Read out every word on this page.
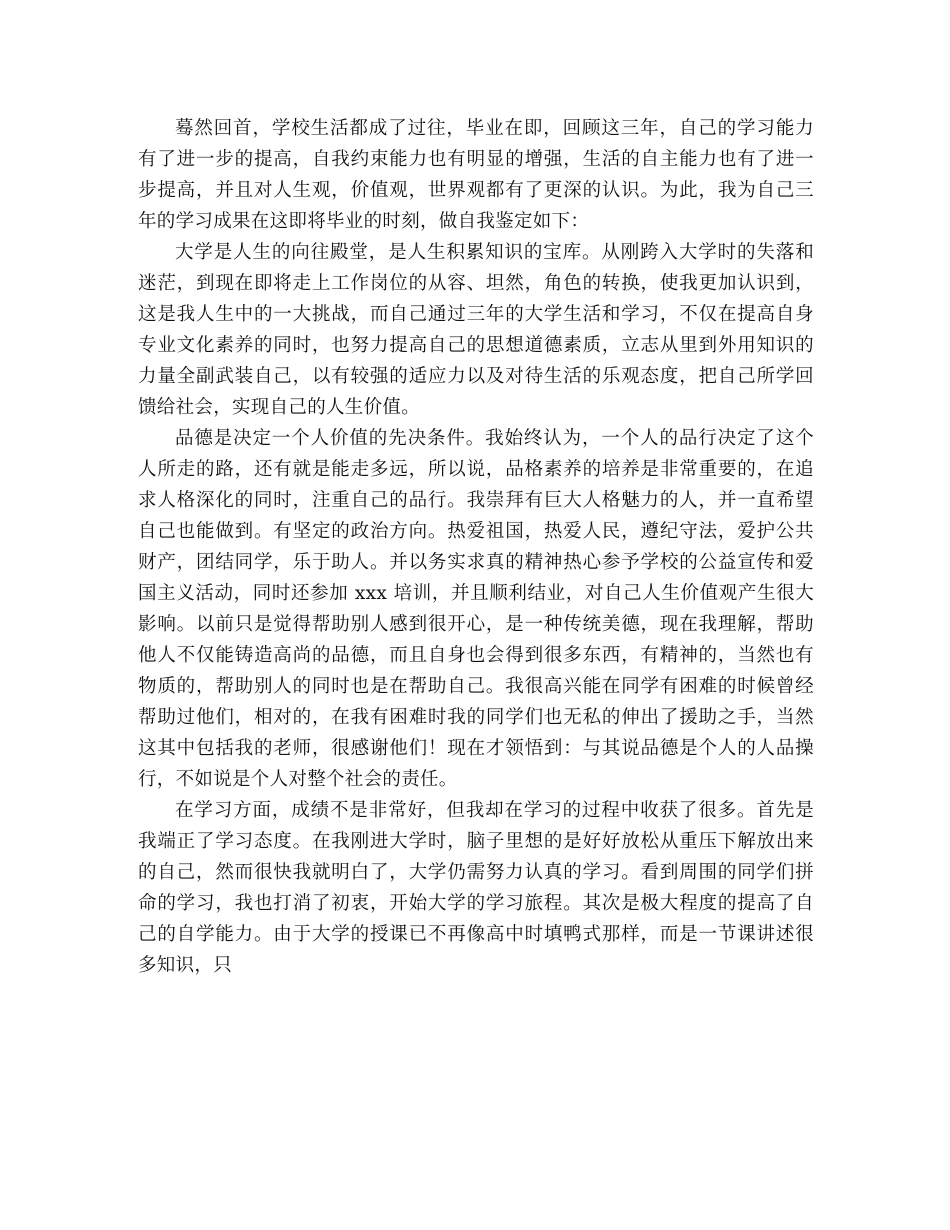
蓦然回首，学校生活都成了过往，毕业在即，回顾这三年，自己的学习能力有了进一步的提高，自我约束能力也有明显的增强，生活的自主能力也有了进一步提高，并且对人生观，价值观，世界观都有了更深的认识。为此，我为自己三年的学习成果在这即将毕业的时刻，做自我鉴定如下：

大学是人生的向往殿堂，是人生积累知识的宝库。从刚跨入大学时的失落和迷茫，到现在即将走上工作岗位的从容、坦然，角色的转换，使我更加认识到，这是我人生中的一大挑战，而自己通过三年的大学生活和学习，不仅在提高自身专业文化素养的同时，也努力提高自己的思想道德素质，立志从里到外用知识的力量全副武装自己，以有较强的适应力以及对待生活的乐观态度，把自己所学回馈给社会，实现自己的人生价值。

品德是决定一个人价值的先决条件。我始终认为，一个人的品行决定了这个人所走的路，还有就是能走多远，所以说，品格素养的培养是非常重要的，在追求人格深化的同时，注重自己的品行。我崇拜有巨大人格魅力的人，并一直希望自己也能做到。有坚定的政治方向。热爱祖国，热爱人民，遵纪守法，爱护公共财产，团结同学，乐于助人。并以务实求真的精神热心参予学校的公益宣传和爱国主义活动，同时还参加 xxx 培训，并且顺利结业，对自己人生价值观产生很大影响。以前只是觉得帮助别人感到很开心，是一种传统美德，现在我理解，帮助他人不仅能铸造高尚的品德，而且自身也会得到很多东西，有精神的，当然也有物质的，帮助别人的同时也是在帮助自己。我很高兴能在同学有困难的时候曾经帮助过他们，相对的，在我有困难时我的同学们也无私的伸出了援助之手，当然这其中包括我的老师，很感谢他们！现在才领悟到：与其说品德是个人的人品操行，不如说是个人对整个社会的责任。

在学习方面，成绩不是非常好，但我却在学习的过程中收获了很多。首先是我端正了学习态度。在我刚进大学时，脑子里想的是好好放松从重压下解放出来的自己，然而很快我就明白了，大学仍需努力认真的学习。看到周围的同学们拼命的学习，我也打消了初衷，开始大学的学习旅程。其次是极大程度的提高了自己的自学能力。由于大学的授课已不再像高中时填鸭式那样，而是一节课讲述很多知识，只
